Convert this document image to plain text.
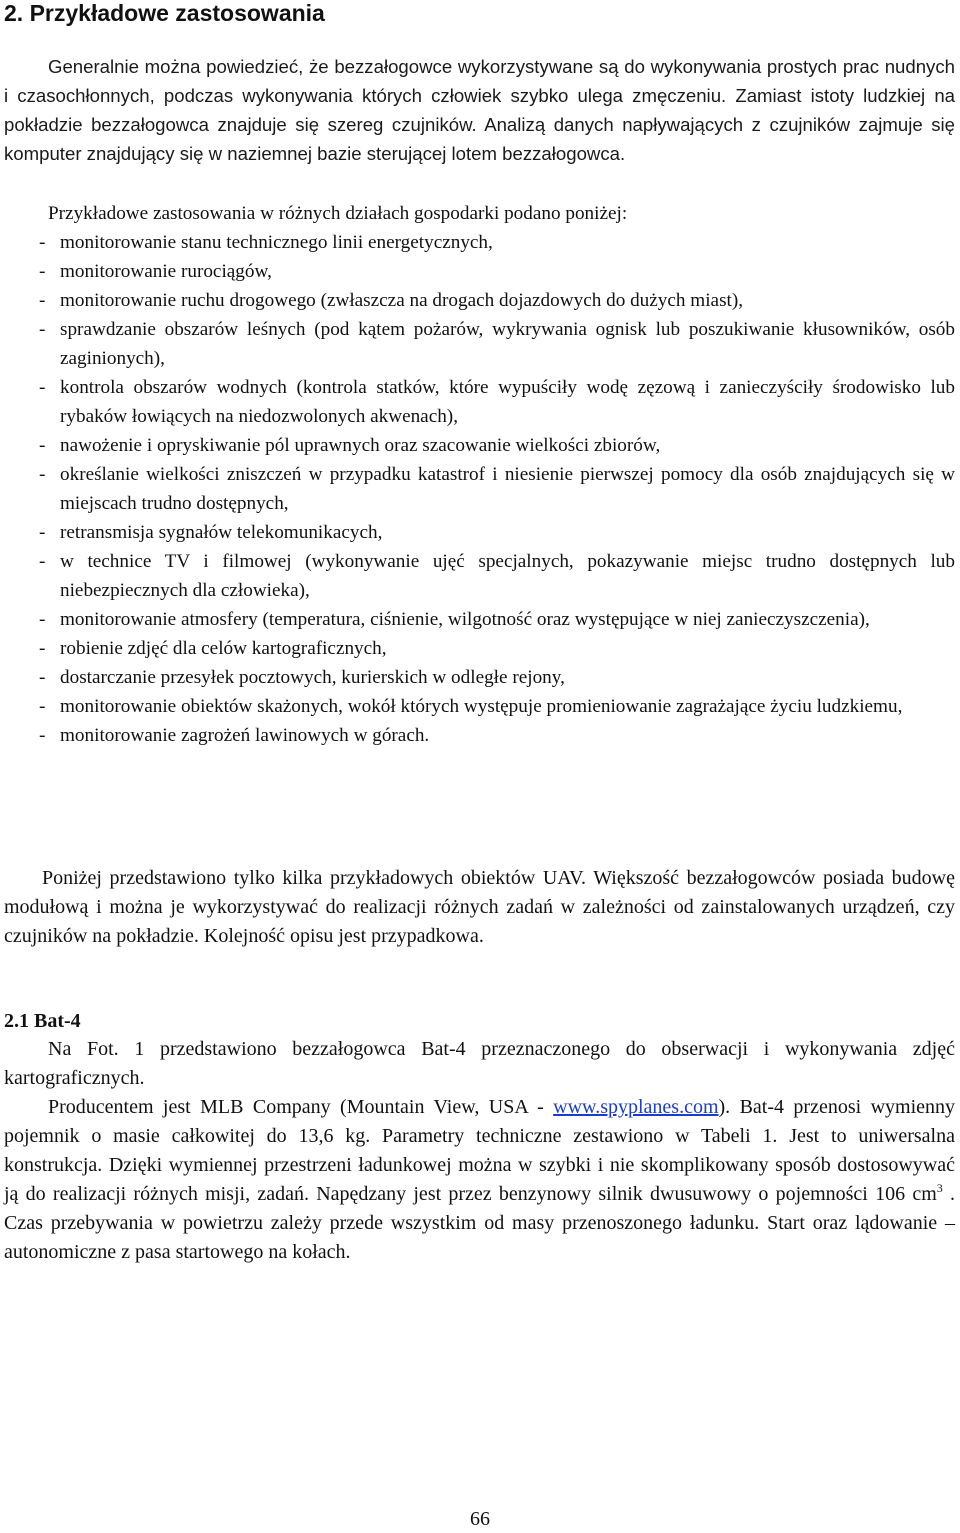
2. Przykładowe zastosowania

Generalnie można powiedzieć, że bezzałogowce wykorzystywane są do wykonywania prostych prac nudnych i czasochłonnych, podczas wykonywania których człowiek szybko ulega zmęczeniu. Zamiast istoty ludzkiej na pokładzie bezzałogowca znajduje się szereg czujników. Analizą danych napływających z czujników zajmuje się komputer znajdujący się w naziemnej bazie sterującej lotem bezzałogowca.

Przykładowe zastosowania w różnych działach gospodarki podano poniżej:

- monitorowanie stanu technicznego linii energetycznych,
- monitorowanie rurociągów,
- monitorowanie ruchu drogowego (zwłaszcza na drogach dojazdowych do dużych miast),
- sprawdzanie obszarów leśnych (pod kątem pożarów, wykrywania ognisk lub poszukiwanie kłusowników, osób zaginionych),
- kontrola obszarów wodnych (kontrola statków, które wypuściły wodę zęzową i zanieczyściły środowisko lub rybaków łowiących na niedozwolonych akwenach),
- nawożenie i opryskiwanie pól uprawnych oraz szacowanie wielkości zbiorów,
- określanie wielkości zniszczeń w przypadku katastrof i niesienie pierwszej pomocy dla osób znajdujących się w miejscach trudno dostępnych,
- retransmisja sygnałów telekomunikacych,
- w technice TV i filmowej (wykonywanie ujęć specjalnych, pokazywanie miejsc trudno dostępnych lub niebezpiecznych dla człowieka),
- monitorowanie atmosfery (temperatura, ciśnienie, wilgotność oraz występujące w niej zanieczyszczenia),
- robienie zdjęć dla celów kartograficznych,
- dostarczanie przesyłek pocztowych, kurierskich w odległe rejony,
- monitorowanie obiektów skażonych, wokół których występuje promieniowanie zagrażające życiu ludzkiemu,
- monitorowanie zagrożeń lawinowych w górach.

Poniżej przedstawiono tylko kilka przykładowych obiektów UAV. Większość bezzałogowców posiada budowę modułową i można je wykorzystywać do realizacji różnych zadań w zależności od zainstalowanych urządzeń, czy czujników na pokładzie. Kolejność opisu jest przypadkowa.

2.1 Bat-4

Na Fot. 1 przedstawiono bezzałogowca Bat-4 przeznaczonego do obserwacji i wykonywania zdjęć kartograficznych.

Producentem jest MLB Company (Mountain View, USA - www.spyplanes.com). Bat-4 przenosi wymienny pojemnik o masie całkowitej do 13,6 kg. Parametry techniczne zestawiono w Tabeli 1. Jest to uniwersalna konstrukcja. Dzięki wymiennej przestrzeni ładunkowej można w szybki i nie skomplikowany sposób dostosowywać ją do realizacji różnych misji, zadań. Napędzany jest przez benzynowy silnik dwusuwowy o pojemności 106 $cm^3$ . Czas przebywania w powietrzu zależy przede wszystkim od masy przenoszonego ładunku. Start oraz lądowanie – autonomiczne z pasa startowego na kołach.

66
